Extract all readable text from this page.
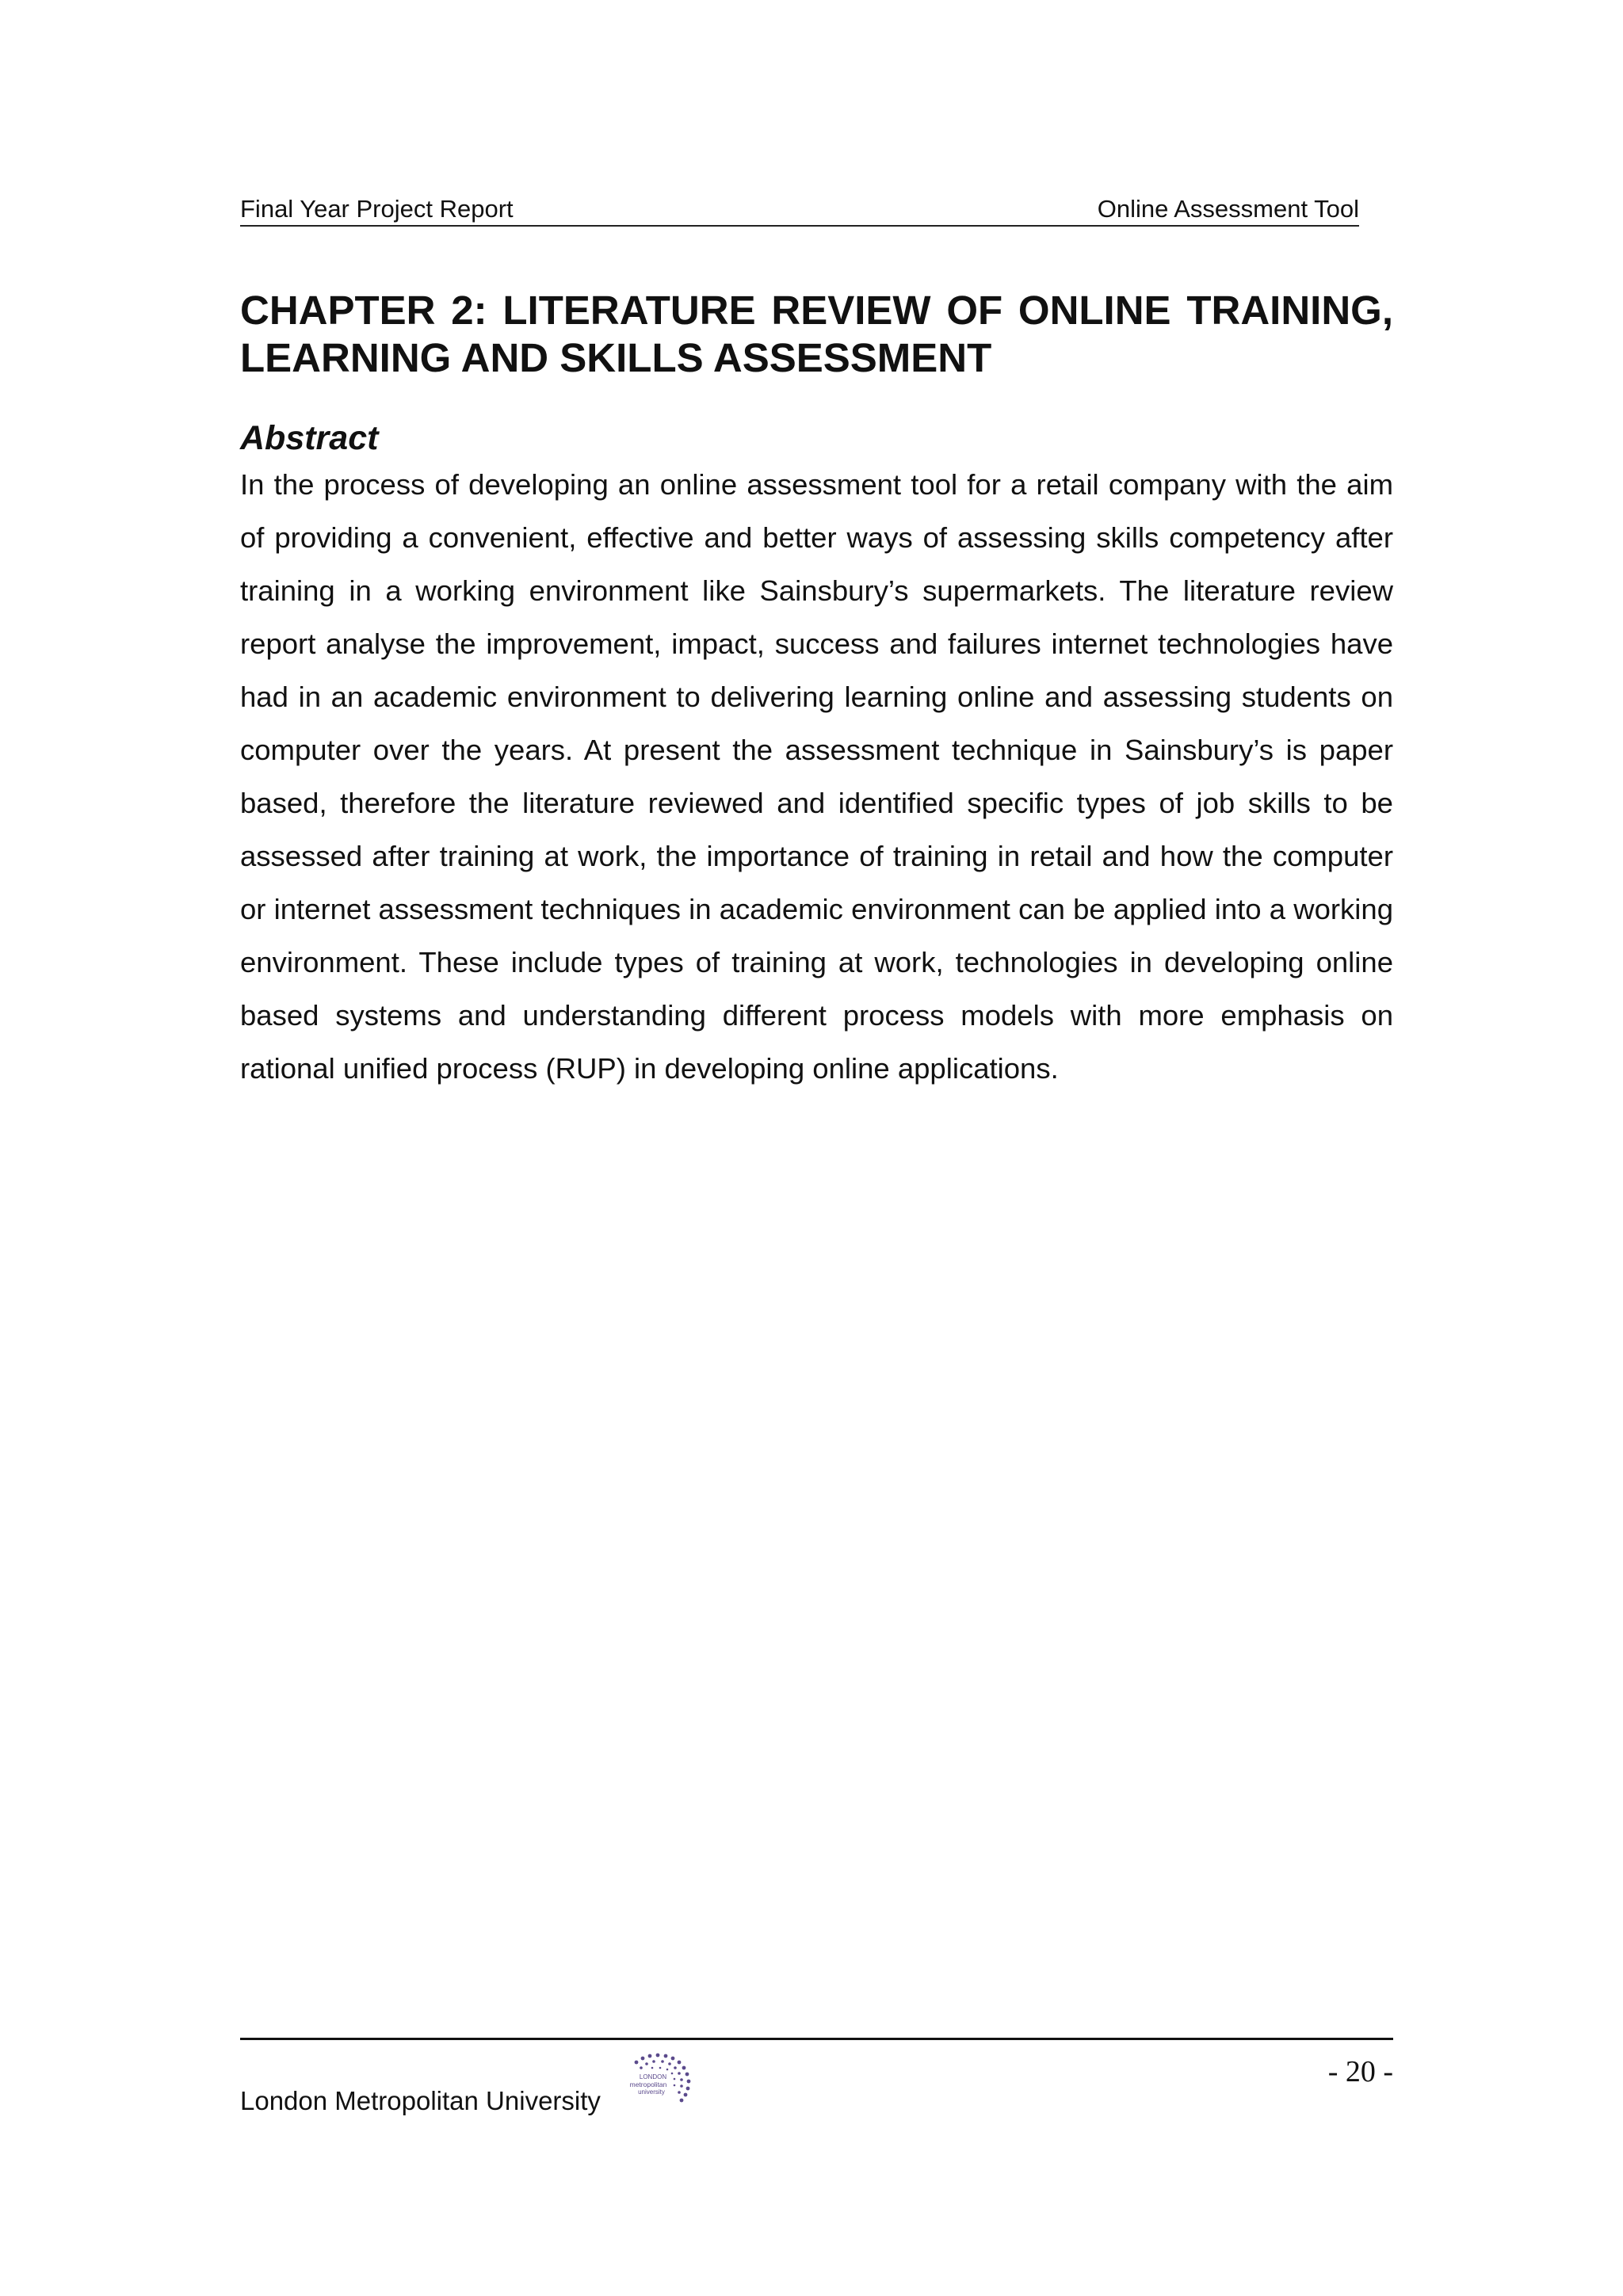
Final Year Project Report	Online Assessment Tool
CHAPTER 2: LITERATURE REVIEW OF ONLINE TRAINING, LEARNING AND SKILLS ASSESSMENT
Abstract

In the process of developing an online assessment tool for a retail company with the aim of providing a convenient, effective and better ways of assessing skills competency after training in a working environment like Sainsbury’s supermarkets. The literature review report analyse the improvement, impact, success and failures internet technologies have had in an academic environment to delivering learning online and assessing students on computer over the years. At present the assessment technique in Sainsbury’s is paper based, therefore the literature reviewed and identified specific types of job skills to be assessed after training at work, the importance of training in retail and how the computer or internet assessment techniques in academic environment can be applied into a working environment. These include types of training at work, technologies in developing online based systems and understanding different process models with more emphasis on rational unified process (RUP) in developing online applications.

- 20 -
London Metropolitan University
LONDON
metropolitan
university
